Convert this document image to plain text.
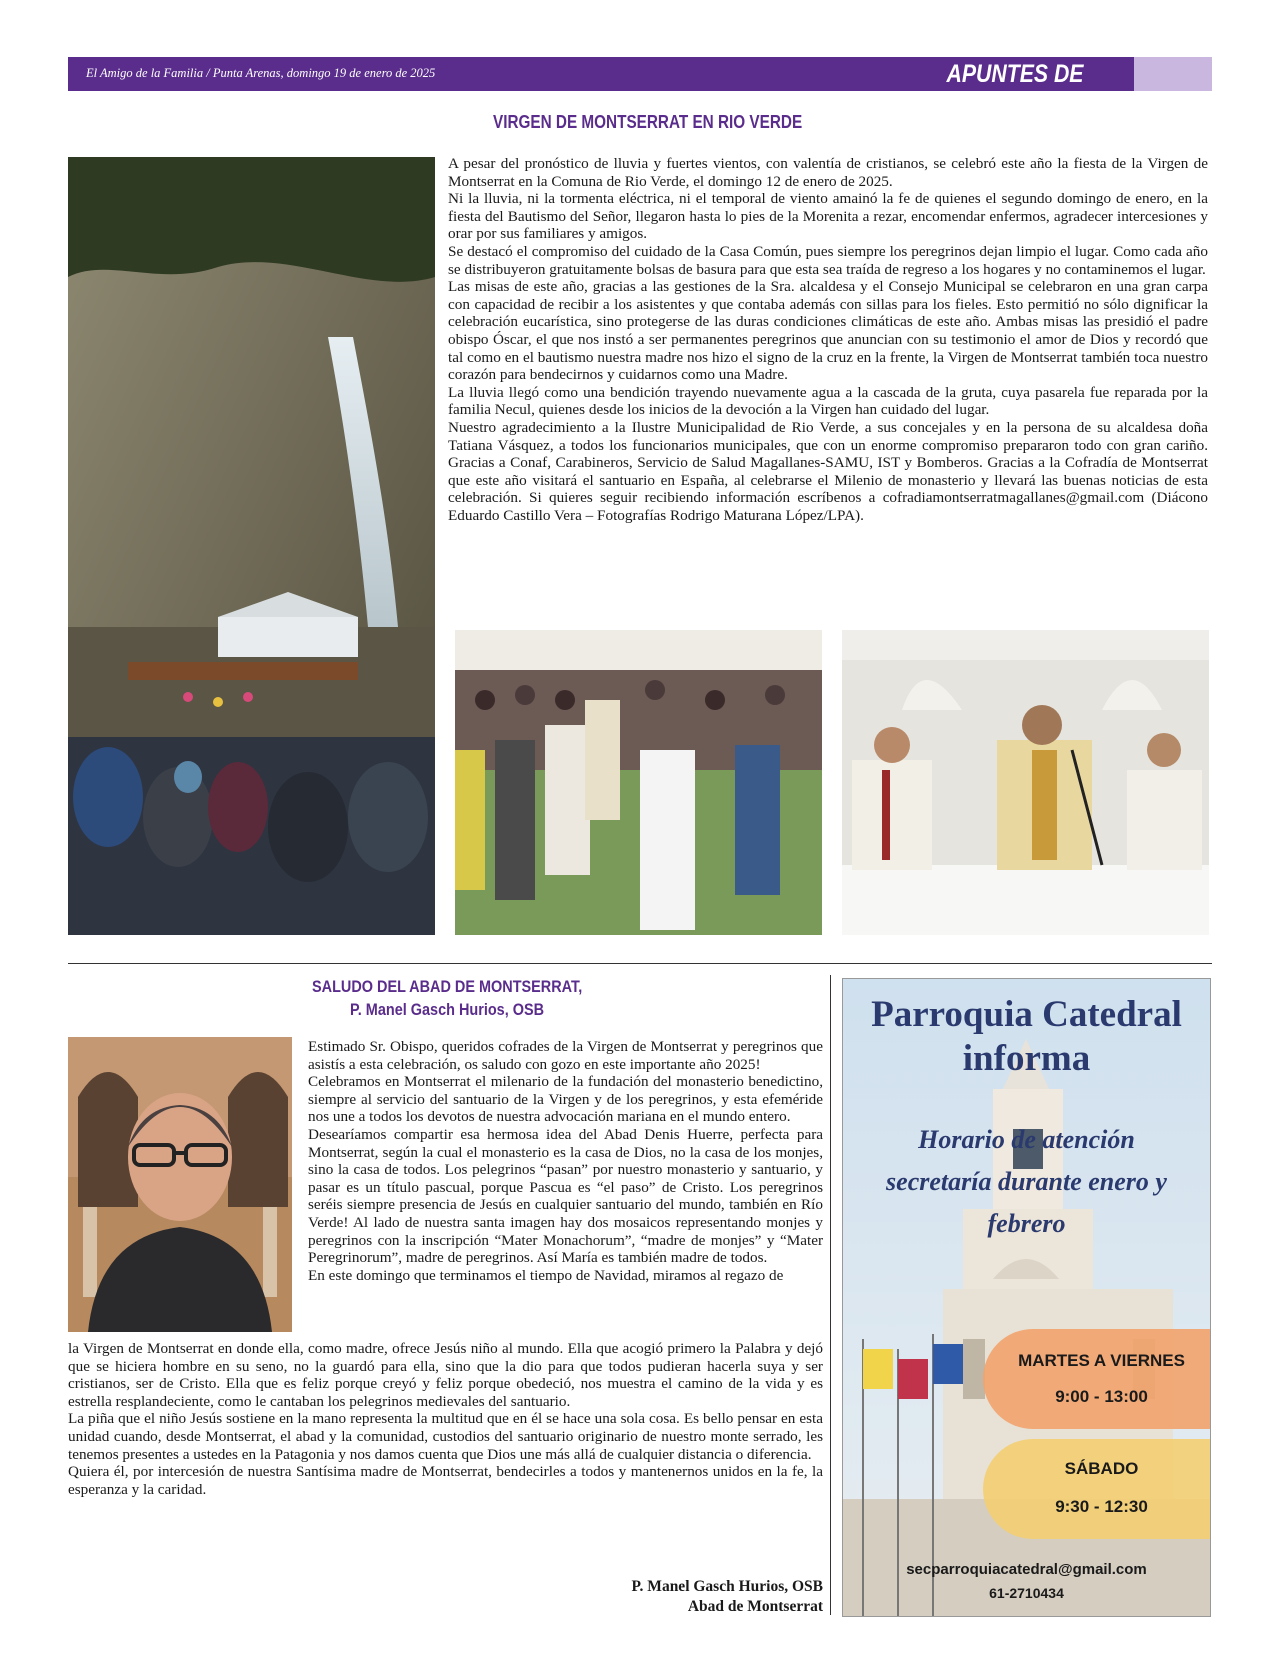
El Amigo de la Familia / Punta Arenas, domingo 19 de enero de 2025	APUNTES DE CRÓNICA
VIRGEN DE MONTSERRAT EN RIO VERDE

A pesar del pronóstico de lluvia y fuertes vientos, con valentía de cristianos, se celebró este año la fiesta de la Virgen de Montserrat en la Comuna de Rio Verde, el domingo 12 de enero de 2025.

Ni la lluvia, ni la tormenta eléctrica, ni el temporal de viento amainó la fe de quienes el segundo domingo de enero, en la fiesta del Bautismo del Señor, llegaron hasta lo pies de la Morenita a rezar, encomendar enfermos, agradecer intercesiones y orar por sus familiares y amigos.

Se destacó el compromiso del cuidado de la Casa Común, pues siempre los peregrinos dejan limpio el lugar. Como cada año se distribuyeron gratuitamente bolsas de basura para que esta sea traída de regreso a los hogares y no contaminemos el lugar.

Las misas de este año, gracias a las gestiones de la Sra. alcaldesa y el Consejo Municipal se celebraron en una gran carpa con capacidad de recibir a los asistentes y que contaba además con sillas para los fieles. Esto permitió no sólo dignificar la celebración eucarística, sino protegerse de las duras condiciones climáticas de este año. Ambas misas las presidió el padre obispo Óscar, el que nos instó a ser permanentes peregrinos que anuncian con su testimonio el amor de Dios y recordó que tal como en el bautismo nuestra madre nos hizo el signo de la cruz en la frente, la Virgen de Montserrat también toca nuestro corazón para bendecirnos y cuidarnos como una Madre.

La lluvia llegó como una bendición trayendo nuevamente agua a la cascada de la gruta, cuya pasarela fue reparada por la familia Necul, quienes desde los inicios de la devoción a la Virgen han cuidado del lugar.

Nuestro agradecimiento a la Ilustre Municipalidad de Rio Verde, a sus concejales y en la persona de su alcaldesa doña Tatiana Vásquez, a todos los funcionarios municipales, que con un enorme compromiso prepararon todo con gran cariño. Gracias a Conaf, Carabineros, Servicio de Salud Magallanes-SAMU, IST y Bomberos. Gracias a la Cofradía de Montserrat que este año visitará el santuario en España, al celebrarse el Milenio de monasterio y llevará las buenas noticias de esta celebración. Si quieres seguir recibiendo información escríbenos a cofradiamontserratmagallanes@gmail.com (Diácono Eduardo Castillo Vera – Fotografías Rodrigo Maturana López/LPA).

SALUDO DEL ABAD DE MONTSERRAT,
P. Manel Gasch Hurios, OSB

Estimado Sr. Obispo, queridos cofrades de la Virgen de Montserrat y peregrinos que asistís a esta celebración, os saludo con gozo en este importante año 2025!

Celebramos en Montserrat el milenario de la fundación del monasterio benedictino, siempre al servicio del santuario de la Virgen y de los peregrinos, y esta efeméride nos une a todos los devotos de nuestra advocación mariana en el mundo entero.

Desearíamos compartir esa hermosa idea del Abad Denis Huerre, perfecta para Montserrat, según la cual el monasterio es la casa de Dios, no la casa de los monjes, sino la casa de todos. Los pelegrinos “pasan” por nuestro monasterio y santuario, y pasar es un título pascual, porque Pascua es “el paso” de Cristo. Los peregrinos seréis siempre presencia de Jesús en cualquier santuario del mundo, también en Río Verde! Al lado de nuestra santa imagen hay dos mosaicos representando monjes y peregrinos con la inscripción “Mater Monachorum”, “madre de monjes” y “Mater Peregrinorum”, madre de peregrinos. Así María es también madre de todos.

En este domingo que terminamos el tiempo de Navidad, miramos al regazo de

la Virgen de Montserrat en donde ella, como madre, ofrece Jesús niño al mundo. Ella que acogió primero la Palabra y dejó que se hiciera hombre en su seno, no la guardó para ella, sino que la dio para que todos pudieran hacerla suya y ser cristianos, ser de Cristo. Ella que es feliz porque creyó y feliz porque obedeció, nos muestra el camino de la vida y es estrella resplandeciente, como le cantaban los pelegrinos medievales del santuario.

La piña que el niño Jesús sostiene en la mano representa la multitud que en él se hace una sola cosa. Es bello pensar en esta unidad cuando, desde Montserrat, el abad y la comunidad, custodios del santuario originario de nuestro monte serrado, les tenemos presentes a ustedes en la Patagonia y nos damos cuenta que Dios une más allá de cualquier distancia o diferencia.

Quiera él, por intercesión de nuestra Santísima madre de Montserrat, bendecirles a todos y mantenernos unidos en la fe, la esperanza y la caridad.

P. Manel Gasch Hurios, OSB
Abad de Montserrat
Parroquia Catedral
informa
Horario de atención
secretaría durante enero y
febrero
MARTES A VIERNES
9:00 - 13:00
SÁBADO
9:30 - 12:30
secparroquiacatedral@gmail.com
61-2710434
